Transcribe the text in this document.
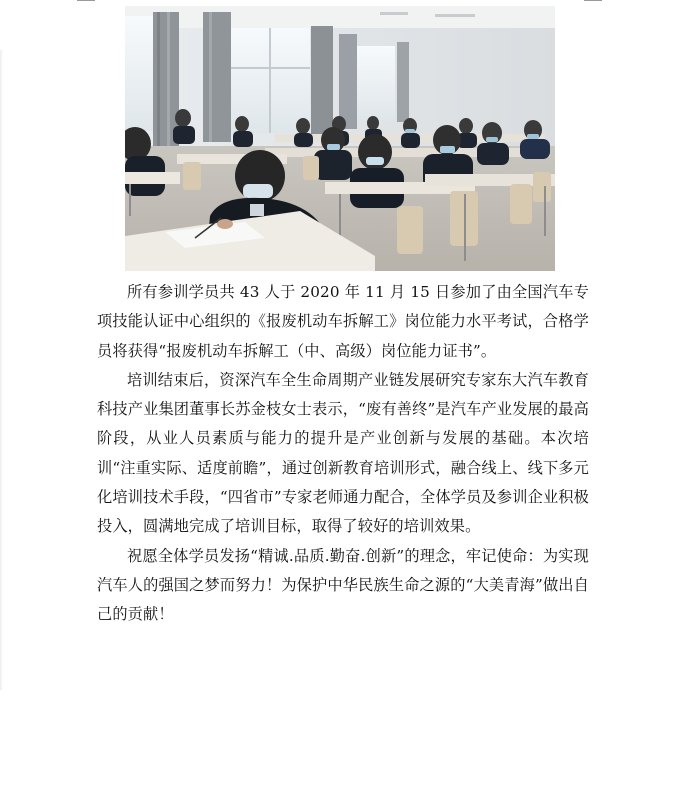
所有参训学员共 43 人于 2020 年 11 月 15 日参加了由全国汽车专项技能认证中心组织的《报废机动车拆解工》岗位能力水平考试，合格学员将获得“报废机动车拆解工（中、高级）岗位能力证书”。

培训结束后，资深汽车全生命周期产业链发展研究专家东大汽车教育科技产业集团董事长苏金枝女士表示，“废有善终”是汽车产业发展的最高阶段，从业人员素质与能力的提升是产业创新与发展的基础。本次培训“注重实际、适度前瞻”，通过创新教育培训形式，融合线上、线下多元化培训技术手段，“四省市”专家老师通力配合，全体学员及参训企业积极投入，圆满地完成了培训目标，取得了较好的培训效果。

祝愿全体学员发扬“精诚.品质.勤奋.创新”的理念，牢记使命：为实现汽车人的强国之梦而努力！为保护中华民族生命之源的“大美青海”做出自己的贡献！
